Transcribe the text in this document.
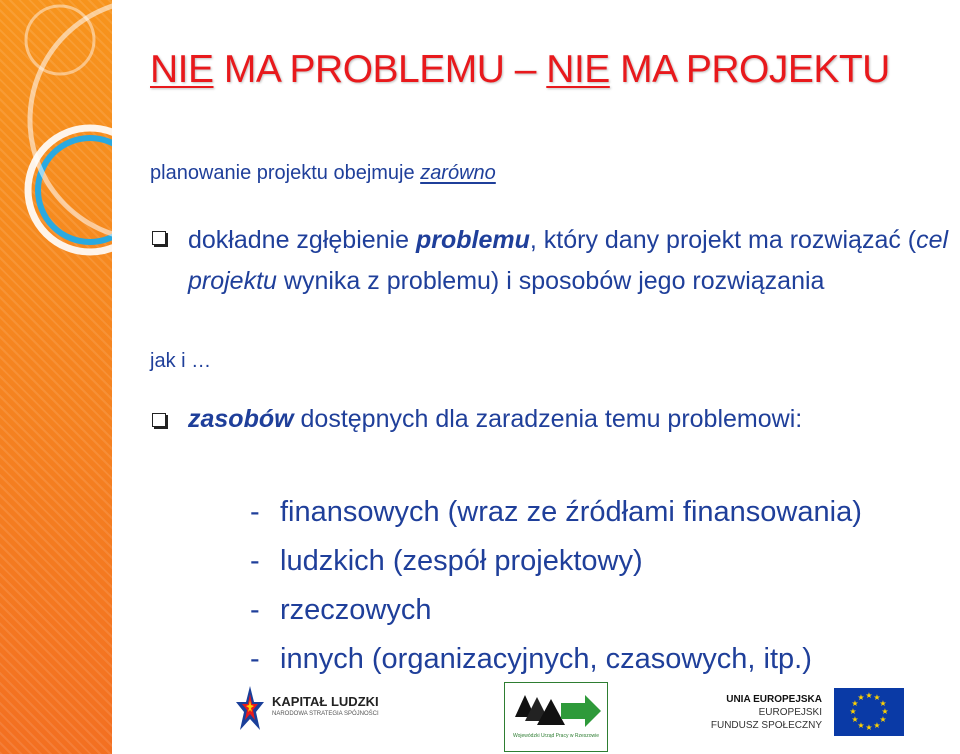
NIE MA PROBLEMU – NIE MA PROJEKTU
planowanie projektu obejmuje zarówno
dokładne zgłębienie problemu, który dany projekt ma rozwiązać (cel projektu wynika z problemu) i sposobów jego rozwiązania
jak i …
zasobów dostępnych dla zaradzenia temu problemowi:
- finansowych (wraz ze źródłami finansowania)
- ludzkich (zespół projektowy)
- rzeczowych
- innych (organizacyjnych, czasowych, itp.)
KAPITAŁ LUDZKI
NARODOWA STRATEGIA SPÓJNOŚCI
Wojewódzki Urząd Pracy w Rzeszowie
UNIA EUROPEJSKA
EUROPEJSKI
FUNDUSZ SPOŁECZNY
★ ★
★
★
★
★
★
★
★
★
★
★
